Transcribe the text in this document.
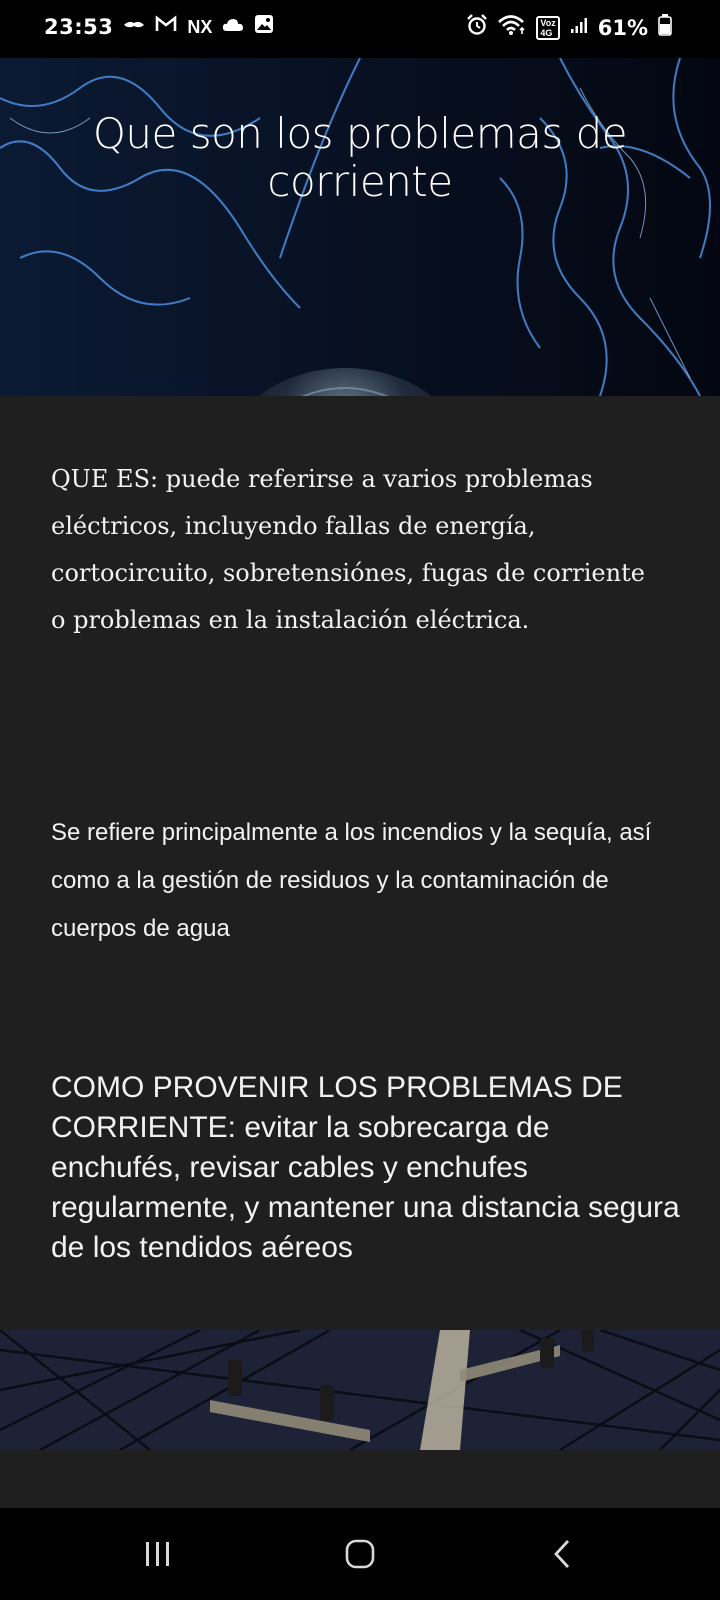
23:53	NX	Voz
4G 61%
Que son los problemas de corriente
QUE ES: puede referirse a varios problemas eléctricos, incluyendo fallas de energía, cortocircuito, sobretensiónes, fugas de corriente o problemas en la instalación eléctrica.
Se refiere principalmente a los incendios y la sequía, así como a la gestión de residuos y la contaminación de cuerpos de agua
COMO PROVENIR LOS PROBLEMAS DE CORRIENTE: evitar la sobrecarga de enchufés, revisar cables y enchufes regularmente, y mantener una distancia segura de los tendidos aéreos
